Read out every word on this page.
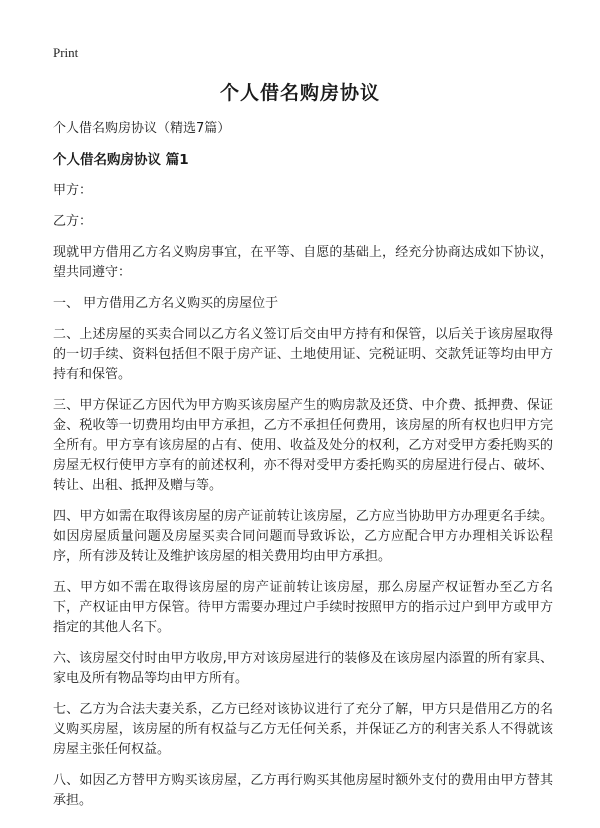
Print
个人借名购房协议
个人借名购房协议（精选7篇）
个人借名购房协议 篇1
甲方：
乙方：

现就甲方借用乙方名义购房事宜，在平等、自愿的基础上，经充分协商达成如下协议，望共同遵守：

一、 甲方借用乙方名义购买的房屋位于

二、上述房屋的买卖合同以乙方名义签订后交由甲方持有和保管，以后关于该房屋取得的一切手续、资料包括但不限于房产证、土地使用证、完税证明、交款凭证等均由甲方持有和保管。

三、甲方保证乙方因代为甲方购买该房屋产生的购房款及还贷、中介费、抵押费、保证金、税收等一切费用均由甲方承担，乙方不承担任何费用，该房屋的所有权也归甲方完全所有。甲方享有该房屋的占有、使用、收益及处分的权利，乙方对受甲方委托购买的房屋无权行使甲方享有的前述权利，亦不得对受甲方委托购买的房屋进行侵占、破坏、转让、出租、抵押及赠与等。

四、甲方如需在取得该房屋的房产证前转让该房屋，乙方应当协助甲方办理更名手续。如因房屋质量问题及房屋买卖合同问题而导致诉讼，乙方应配合甲方办理相关诉讼程序，所有涉及转让及维护该房屋的相关费用均由甲方承担。

五、甲方如不需在取得该房屋的房产证前转让该房屋，那么房屋产权证暂办至乙方名下，产权证由甲方保管。待甲方需要办理过户手续时按照甲方的指示过户到甲方或甲方指定的其他人名下。

六、该房屋交付时由甲方收房,甲方对该房屋进行的装修及在该房屋内添置的所有家具、家电及所有物品等均由甲方所有。

七、乙方为合法夫妻关系，乙方已经对该协议进行了充分了解，甲方只是借用乙方的名义购买房屋，该房屋的所有权益与乙方无任何关系，并保证乙方的利害关系人不得就该房屋主张任何权益。

八、如因乙方替甲方购买该房屋，乙方再行购买其他房屋时额外支付的费用由甲方替其承担。
